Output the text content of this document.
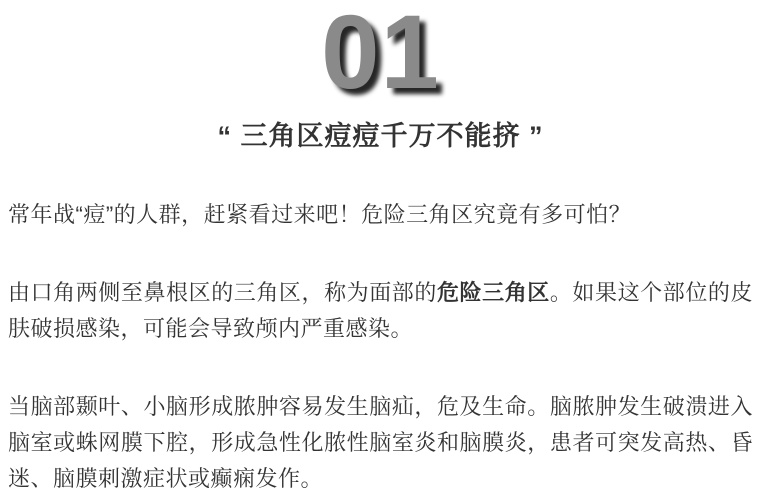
01
“ 三角区痘痘千万不能挤 ”

常年战“痘”的人群，赶紧看过来吧！危险三角区究竟有多可怕？

由口角两侧至鼻根区的三角区，称为面部的危险三角区。如果这个部位的皮肤破损感染，可能会导致颅内严重感染。

当脑部颞叶、小脑形成脓肿容易发生脑疝，危及生命。脑脓肿发生破溃进入脑室或蛛网膜下腔，形成急性化脓性脑室炎和脑膜炎，患者可突发高热、昏迷、脑膜刺激症状或癫痫发作。
